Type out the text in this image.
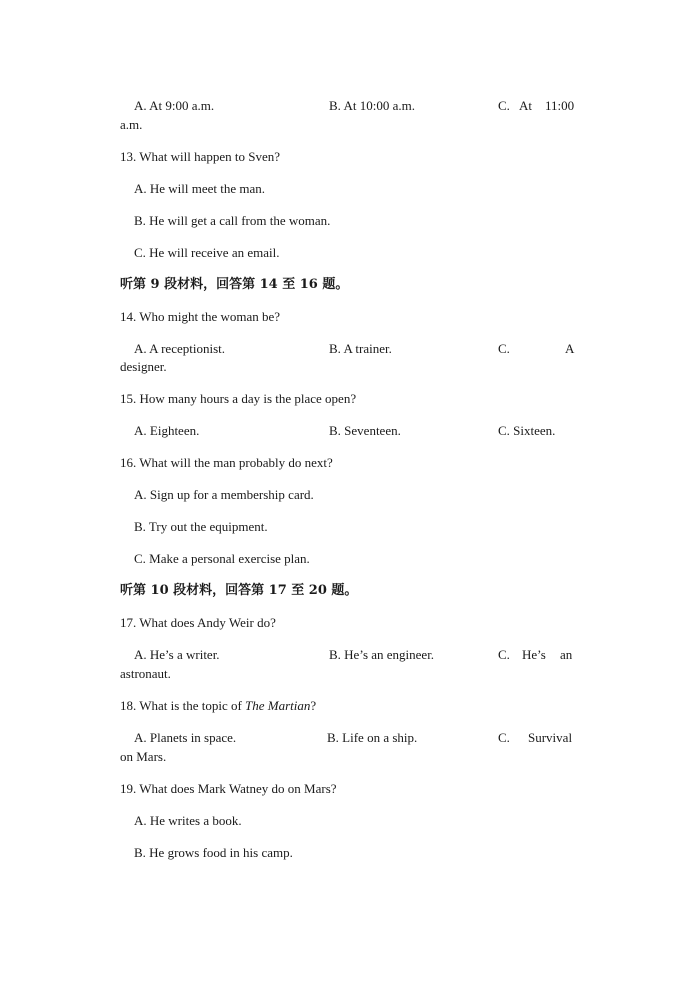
A. At 9:00 a.m.	B. At 10:00 a.m.	C. At 11:00
a.m.
13. What will happen to Sven?
A. He will meet the man.
B. He will get a call from the woman.
C. He will receive an email.
听第 9 段材料，回答第 14 至 16 题。
14. Who might the woman be?
A. A receptionist.	B. A trainer.	C.	A
designer.
15. How many hours a day is the place open?
A. Eighteen.	B. Seventeen.	C. Sixteen.
16. What will the man probably do next?
A. Sign up for a membership card.
B. Try out the equipment.
C. Make a personal exercise plan.
听第 10 段材料，回答第 17 至 20 题。
17. What does Andy Weir do?
A. He’s a writer.	B. He’s an engineer.	C. He’s an
astronaut.
18. What is the topic of The Martian?
A. Planets in space.	B. Life on a ship.	C. Survival
on Mars.
19. What does Mark Watney do on Mars?
A. He writes a book.
B. He grows food in his camp.
